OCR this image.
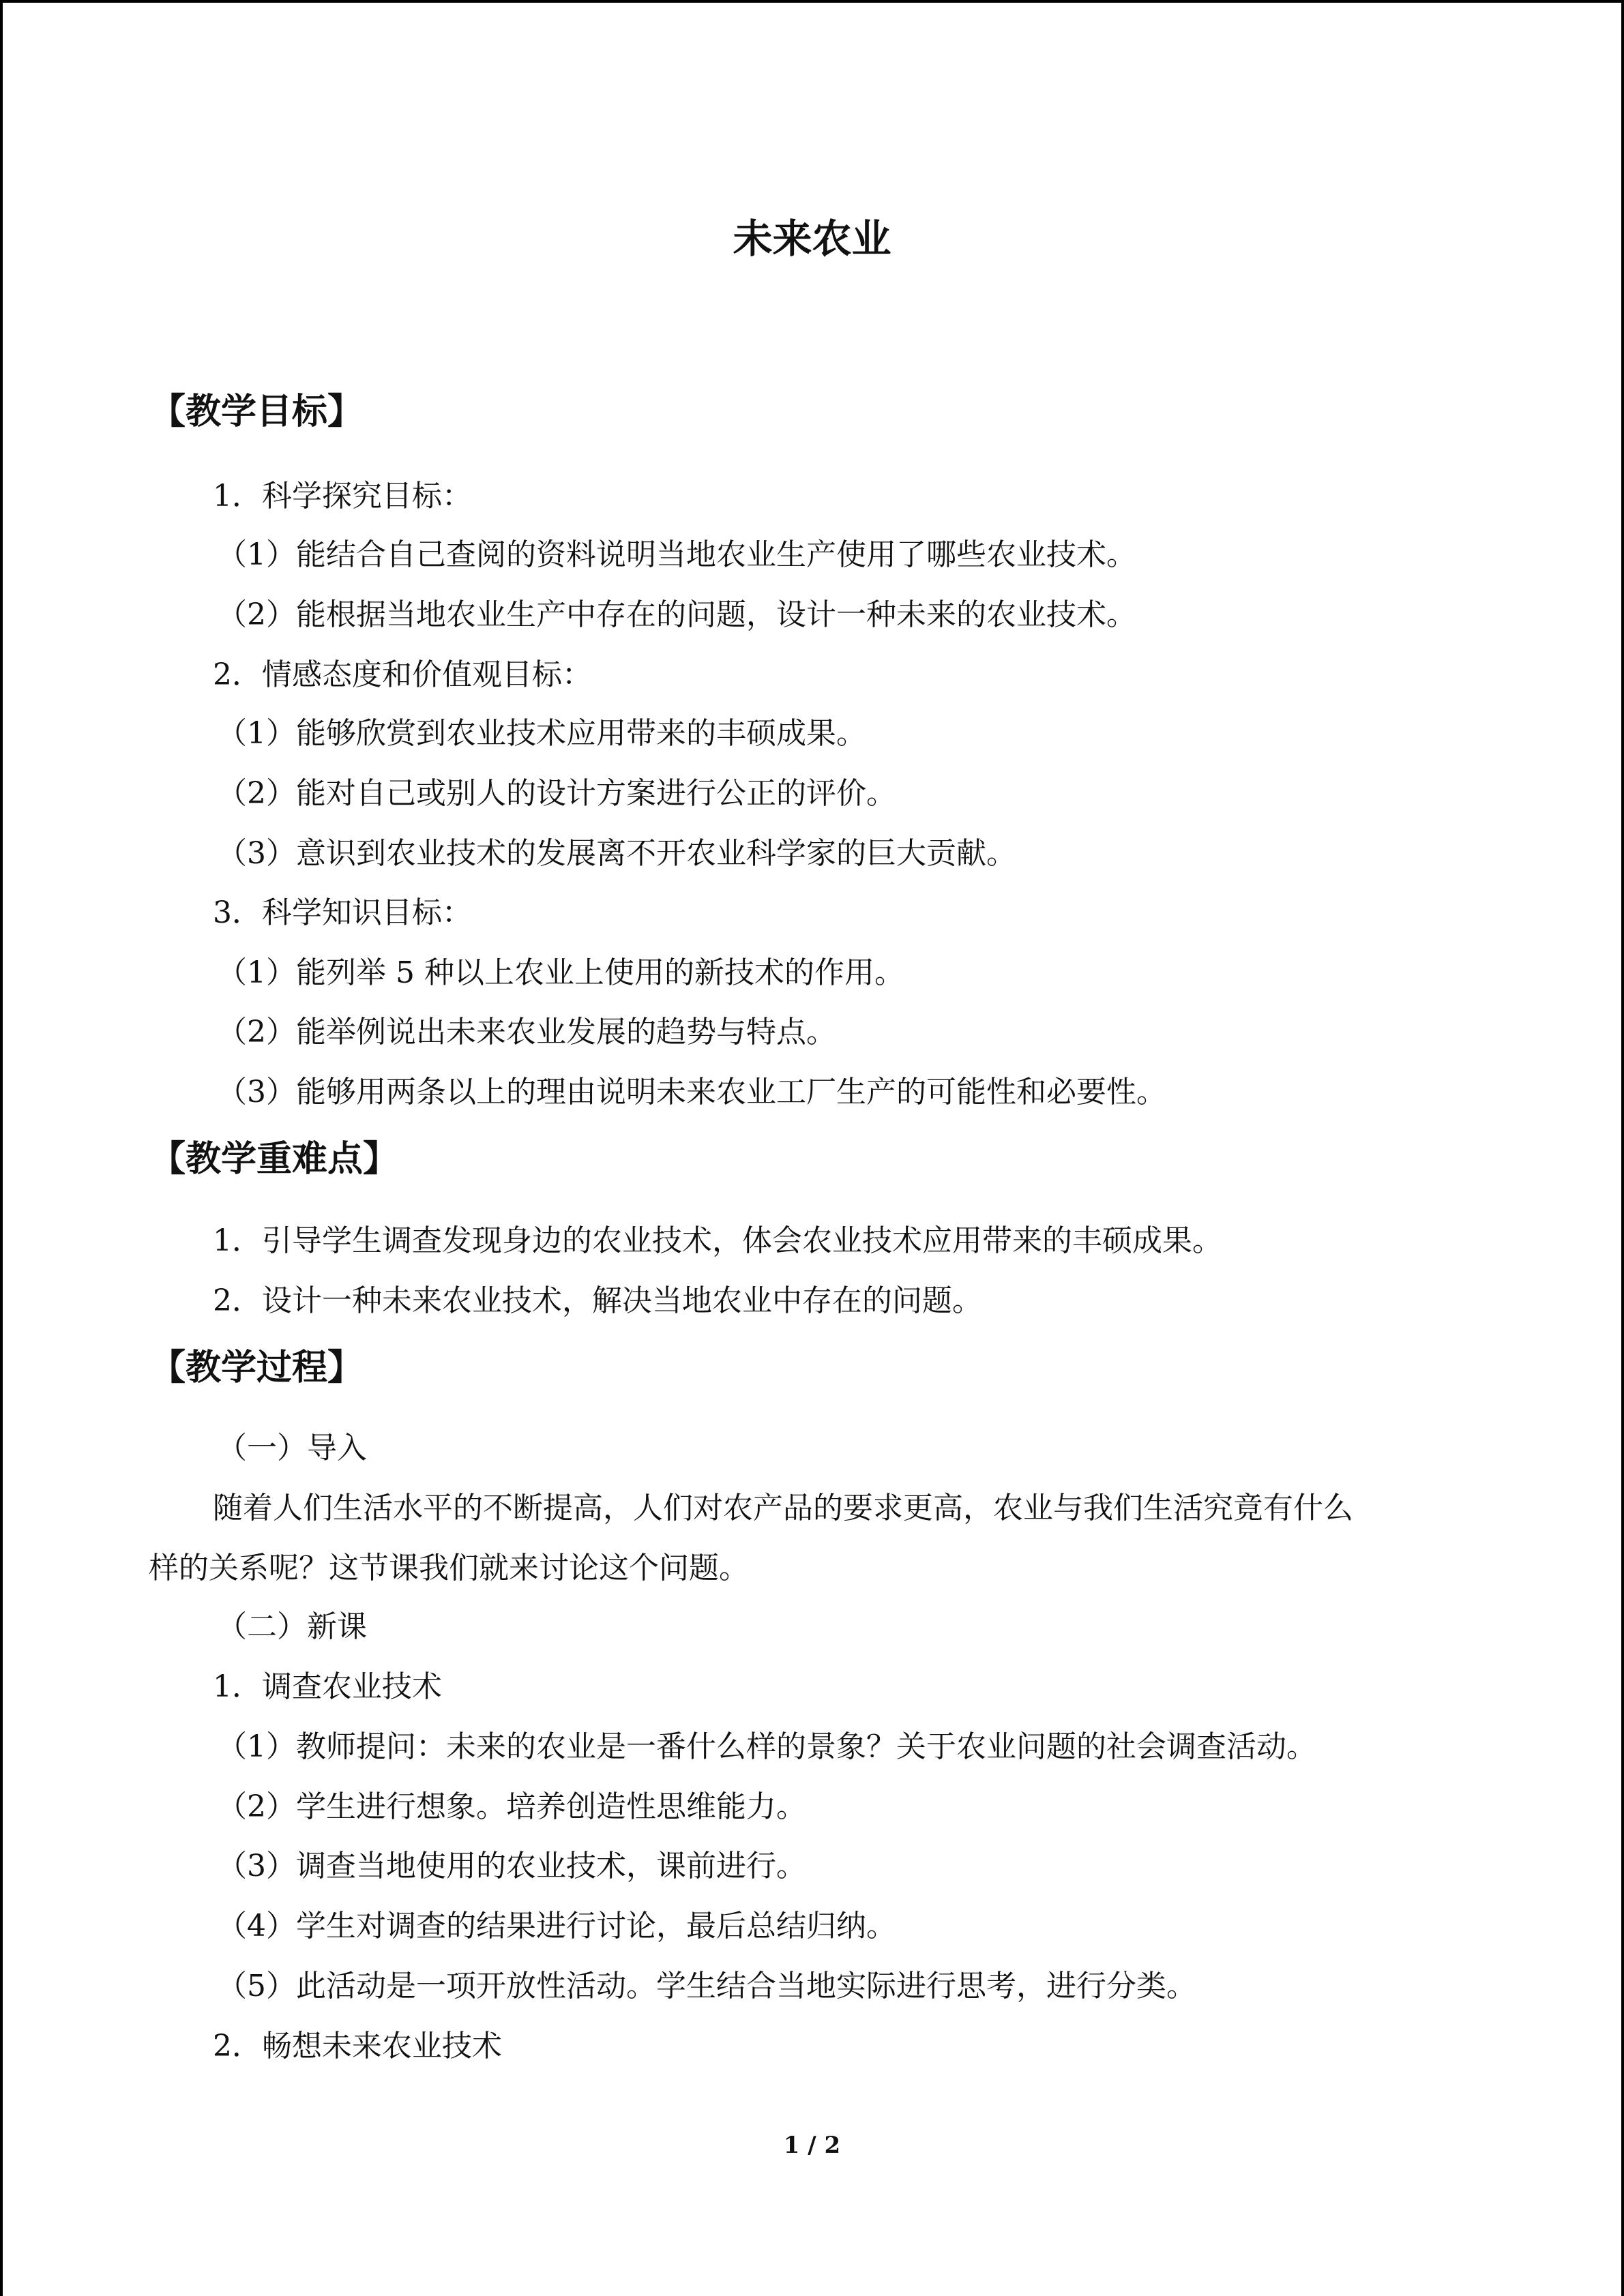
未来农业
【教学目标】
1．科学探究目标：
（1）能结合自己查阅的资料说明当地农业生产使用了哪些农业技术。
（2）能根据当地农业生产中存在的问题，设计一种未来的农业技术。
2．情感态度和价值观目标：
（1）能够欣赏到农业技术应用带来的丰硕成果。
（2）能对自己或别人的设计方案进行公正的评价。
（3）意识到农业技术的发展离不开农业科学家的巨大贡献。
3．科学知识目标：
（1）能列举 5 种以上农业上使用的新技术的作用。
（2）能举例说出未来农业发展的趋势与特点。
（3）能够用两条以上的理由说明未来农业工厂生产的可能性和必要性。
【教学重难点】
1．引导学生调查发现身边的农业技术，体会农业技术应用带来的丰硕成果。
2．设计一种未来农业技术，解决当地农业中存在的问题。
【教学过程】
（一）导入
随着人们生活水平的不断提高，人们对农产品的要求更高，农业与我们生活究竟有什么
样的关系呢？这节课我们就来讨论这个问题。
（二）新课
1．调查农业技术
（1）教师提问：未来的农业是一番什么样的景象？关于农业问题的社会调查活动。
（2）学生进行想象。培养创造性思维能力。
（3）调查当地使用的农业技术，课前进行。
（4）学生对调查的结果进行讨论，最后总结归纳。
（5）此活动是一项开放性活动。学生结合当地实际进行思考，进行分类。
2．畅想未来农业技术
1 / 2
